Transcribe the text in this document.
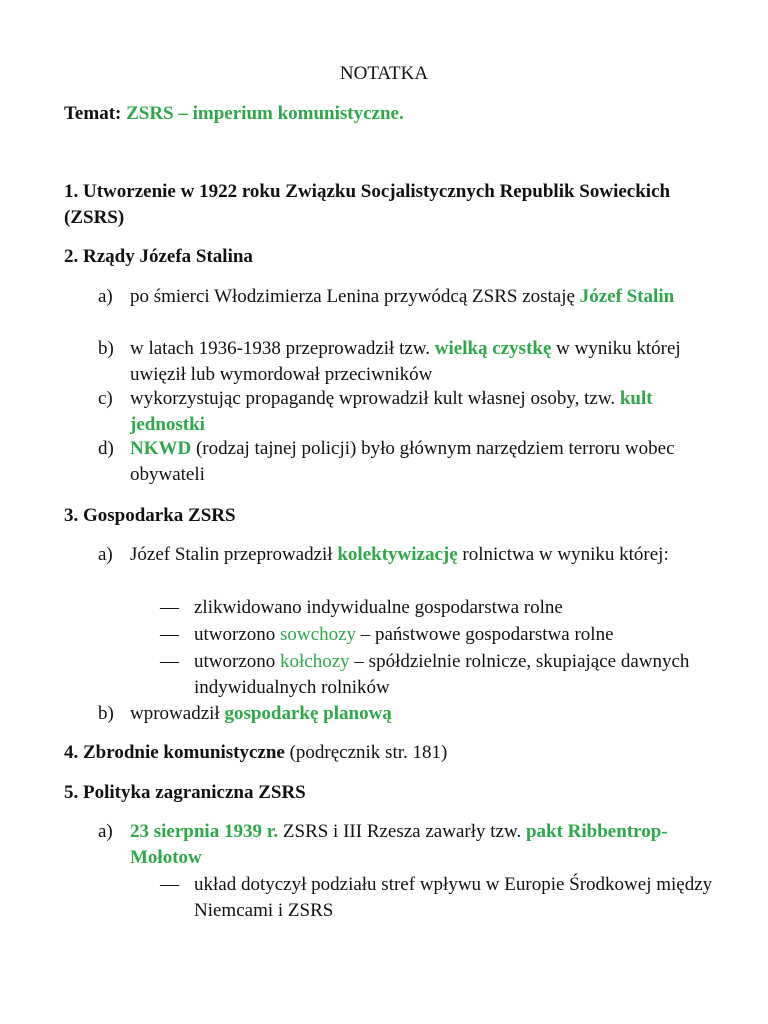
NOTATKA
Temat: ZSRS – imperium komunistyczne.
1. Utworzenie w 1922 roku Związku Socjalistycznych Republik Sowieckich (ZSRS)
2. Rządy Józefa Stalina
a) po śmierci Włodzimierza Lenina przywódcą ZSRS zostaję Józef Stalin
b) w latach 1936-1938 przeprowadził tzw. wielką czystkę w wyniku której uwięził lub wymordował przeciwników
c) wykorzystując propagandę wprowadził kult własnej osoby, tzw. kult jednostki
d) NKWD (rodzaj tajnej policji) było głównym narzędziem terroru wobec obywateli
3. Gospodarka ZSRS
a) Józef Stalin przeprowadził kolektywizację rolnictwa w wyniku której:
— zlikwidowano indywidualne gospodarstwa rolne
— utworzono sowchozy – państwowe gospodarstwa rolne
— utworzono kołchozy – spółdzielnie rolnicze, skupiające dawnych indywidualnych rolników
b) wprowadził gospodarkę planową
4. Zbrodnie komunistyczne (podręcznik str. 181)
5. Polityka zagraniczna ZSRS
a) 23 sierpnia 1939 r. ZSRS i III Rzesza zawarły tzw. pakt Ribbentrop-Mołotow
— układ dotyczył podziału stref wpływu w Europie Środkowej między Niemcami i ZSRS
